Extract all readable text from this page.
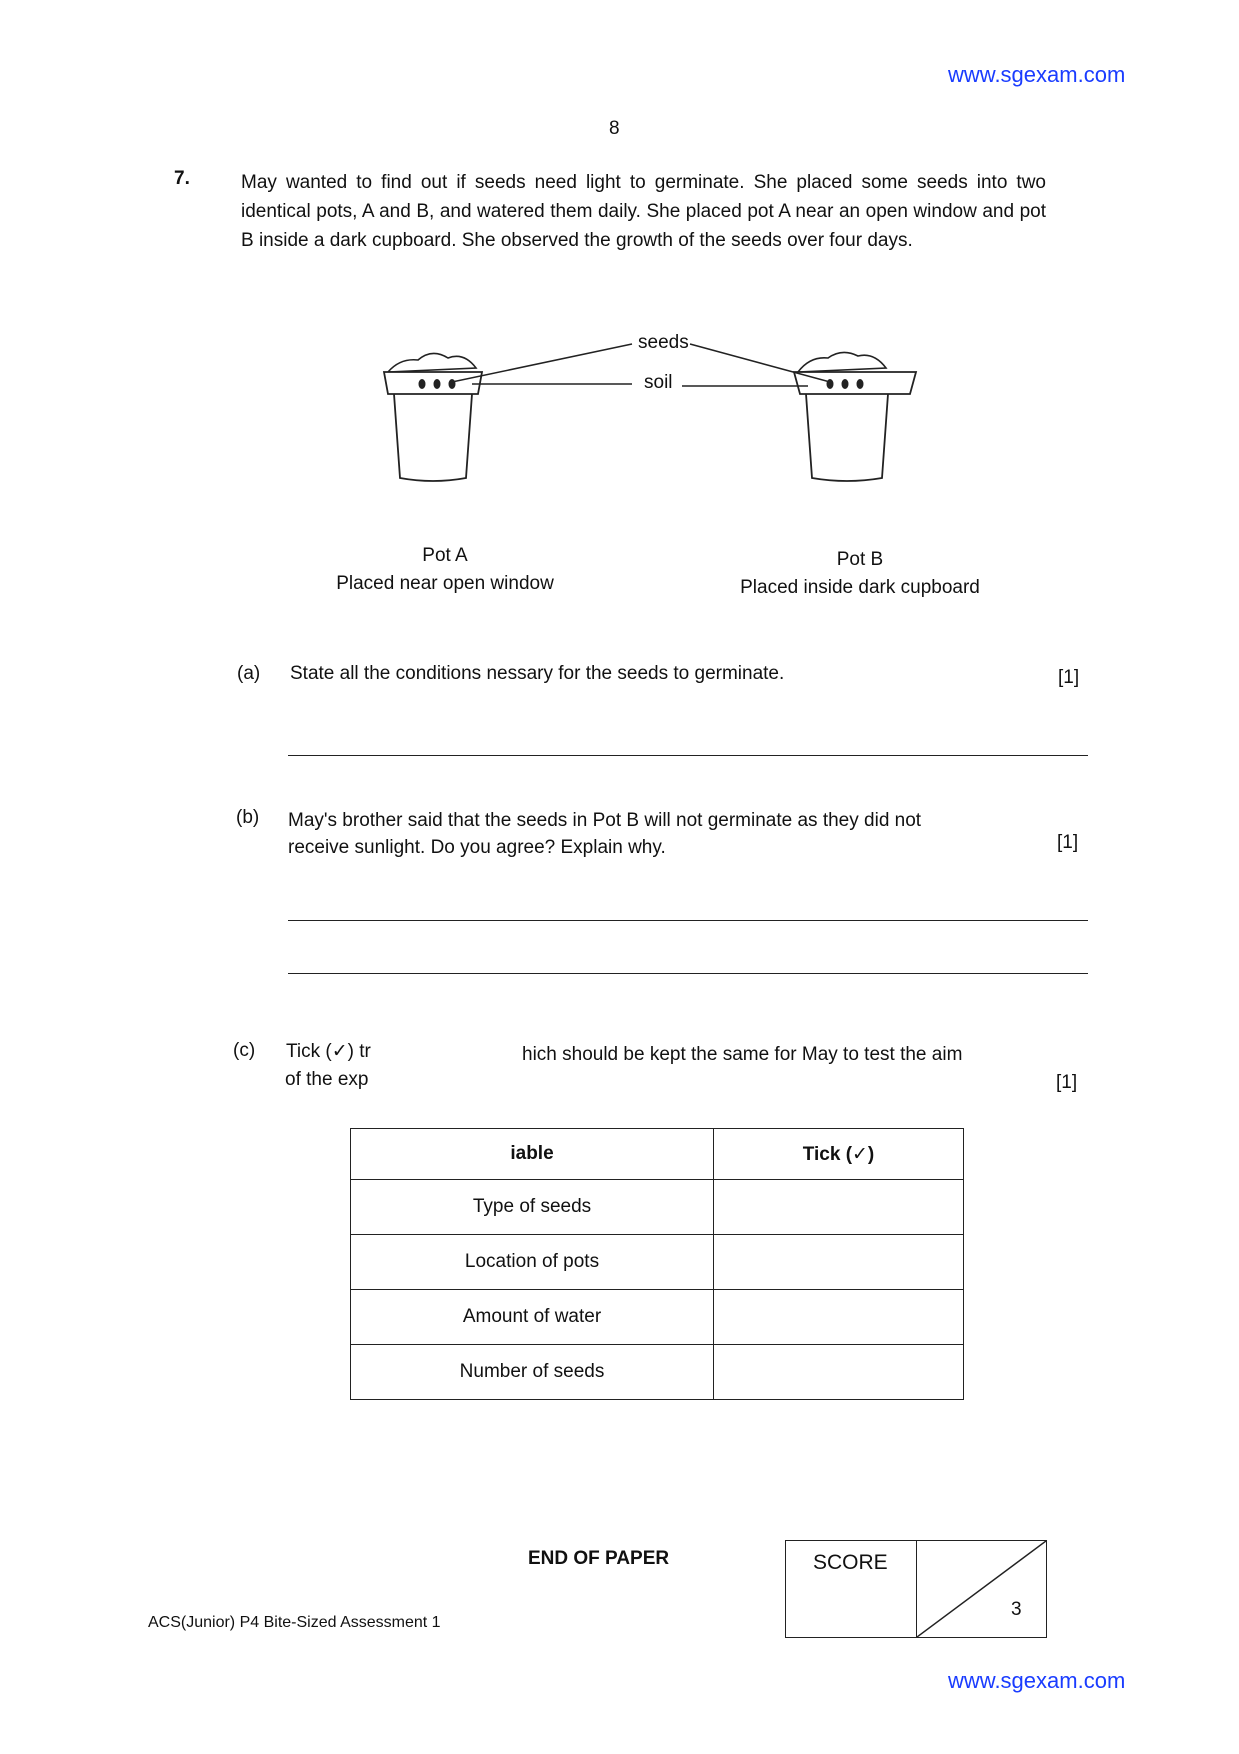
www.sgexam.com
8
7.	May wanted to find out if seeds need light to germinate. She placed some seeds into two identical pots, A and B, and watered them daily. She placed pot A near an open window and pot B inside a dark cupboard. She observed the growth of the seeds over four days.
seeds
soil
Pot A
Placed near open window
Pot B
Placed inside dark cupboard
(a) State all the conditions nessary for the seeds to germinate.	[1]
(b) May's brother said that the seeds in Pot B will not germinate as they did not
receive sunlight. Do you agree? Explain why.	[1]
(c) Tick (✓) tr	hich should be kept the same for May to test the aim
of the exp	[1]
iable	Tick (✓)
Type of seeds	
Location of pots	
Amount of water	
Number of seeds	
END OF PAPER	SCORE
3
ACS(Junior) P4 Bite-Sized Assessment 1
www.sgexam.com
